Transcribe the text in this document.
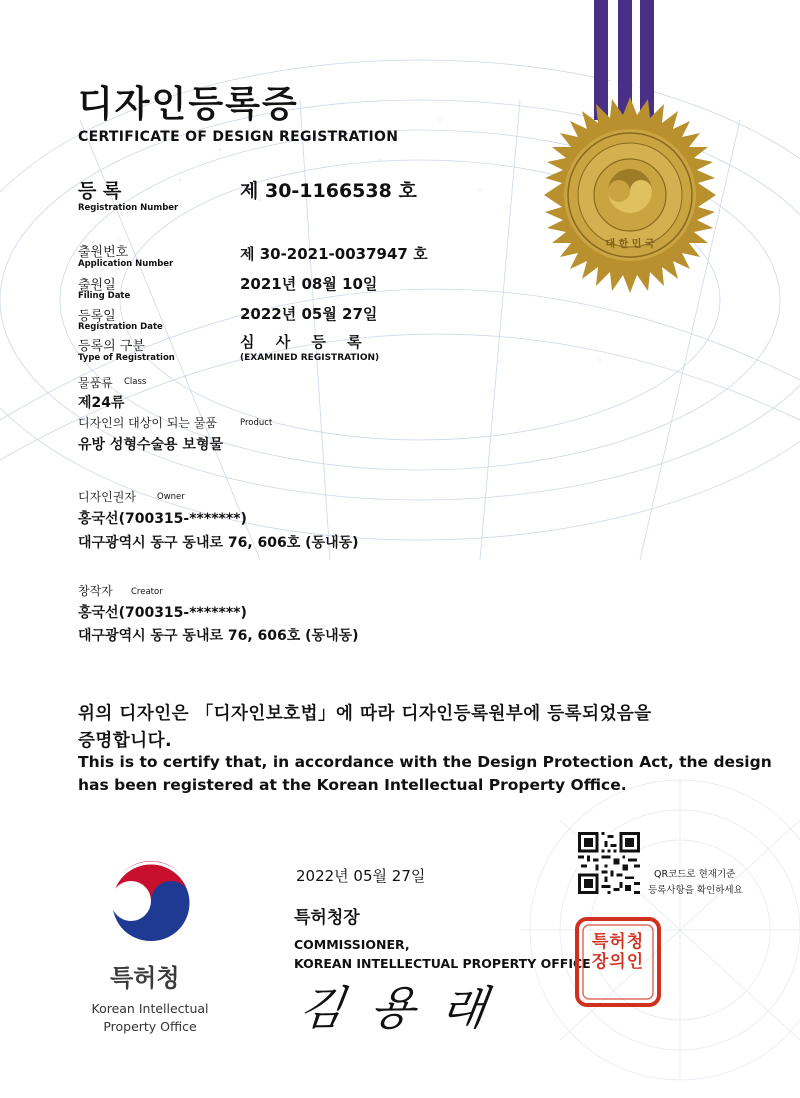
대 한 민 국
디자인등록증
CERTIFICATE OF DESIGN REGISTRATION
등 록
Registration Number
제 30-1166538 호
출원번호
Application Number
제 30-2021-0037947 호
출원일
Filing Date
2021년 08월 10일
등록일
Registration Date
2022년 05월 27일
등록의 구분
Type of Registration
심 사 등 록
(EXAMINED REGISTRATION)
물품류 Class
제24류
디자인의 대상이 되는 물품	Product
유방 성형수술용 보형물
디자인권자 Owner
홍국선(700315-*******)
대구광역시 동구 동내로 76, 606호 (동내동)
창작자 Creator
홍국선(700315-*******)
대구광역시 동구 동내로 76, 606호 (동내동)
위의 디자인은 「디자인보호법」에 따라 디자인등록원부에 등록되었음을
증명합니다.
This is to certify that, in accordance with the Design Protection Act, the design
has been registered at the Korean Intellectual Property Office.
2022년 05월 27일	QR코드로 현재기준
등록사항을 확인하세요
특허청장
COMMISSIONER,
KOREAN INTELLECTUAL PROPERTY OFFICE
김 용 래
특허청장의인
특허청
Korean Intellectual
Property Office
